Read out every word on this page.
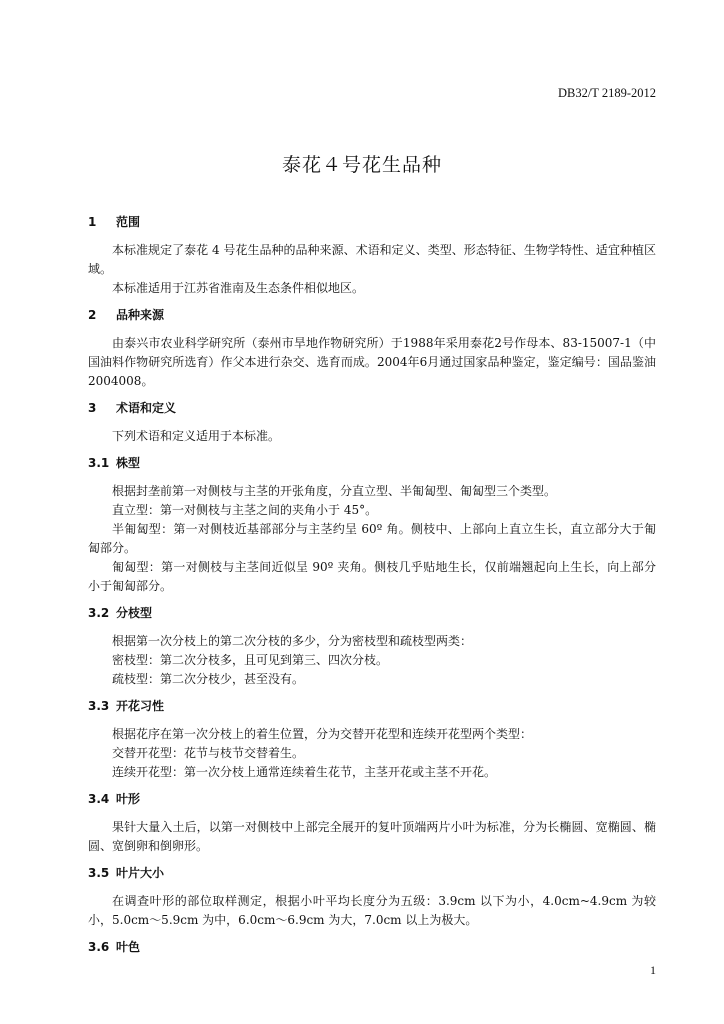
DB32/T 2189-2012
泰花４号花生品种
1 范围

本标准规定了泰花 4 号花生品种的品种来源、术语和定义、类型、形态特征、生物学特性、适宜种植区域。

本标准适用于江苏省淮南及生态条件相似地区。

2 品种来源

由泰兴市农业科学研究所（泰州市旱地作物研究所）于1988年采用泰花2号作母本、83-15007-1（中国油料作物研究所选育）作父本进行杂交、选育而成。2004年6月通过国家品种鉴定，鉴定编号：国品鉴油2004008。

3 术语和定义

下列术语和定义适用于本标准。

3.1 株型

根据封垄前第一对侧枝与主茎的开张角度，分直立型、半匍匐型、匍匐型三个类型。

直立型：第一对侧枝与主茎之间的夹角小于 45°。

半匍匐型：第一对侧枝近基部部分与主茎约呈 60º 角。侧枝中、上部向上直立生长，直立部分大于匍匐部分。

匍匐型：第一对侧枝与主茎间近似呈 90º 夹角。侧枝几乎贴地生长，仅前端翘起向上生长，向上部分小于匍匐部分。

3.2 分枝型

根据第一次分枝上的第二次分枝的多少，分为密枝型和疏枝型两类：

密枝型：第二次分枝多，且可见到第三、四次分枝。

疏枝型：第二次分枝少，甚至没有。

3.3 开花习性

根据花序在第一次分枝上的着生位置，分为交替开花型和连续开花型两个类型：

交替开花型：花节与枝节交替着生。

连续开花型：第一次分枝上通常连续着生花节，主茎开花或主茎不开花。

3.4 叶形

果针大量入土后，以第一对侧枝中上部完全展开的复叶顶端两片小叶为标准，分为长椭圆、宽椭圆、椭圆、宽倒卵和倒卵形。

3.5 叶片大小

在调查叶形的部位取样测定，根据小叶平均长度分为五级：3.9cm 以下为小，4.0cm~4.9cm 为较小，5.0cm～5.9cm 为中，6.0cm～6.9cm 为大，7.0cm 以上为极大。

3.6 叶色
1
